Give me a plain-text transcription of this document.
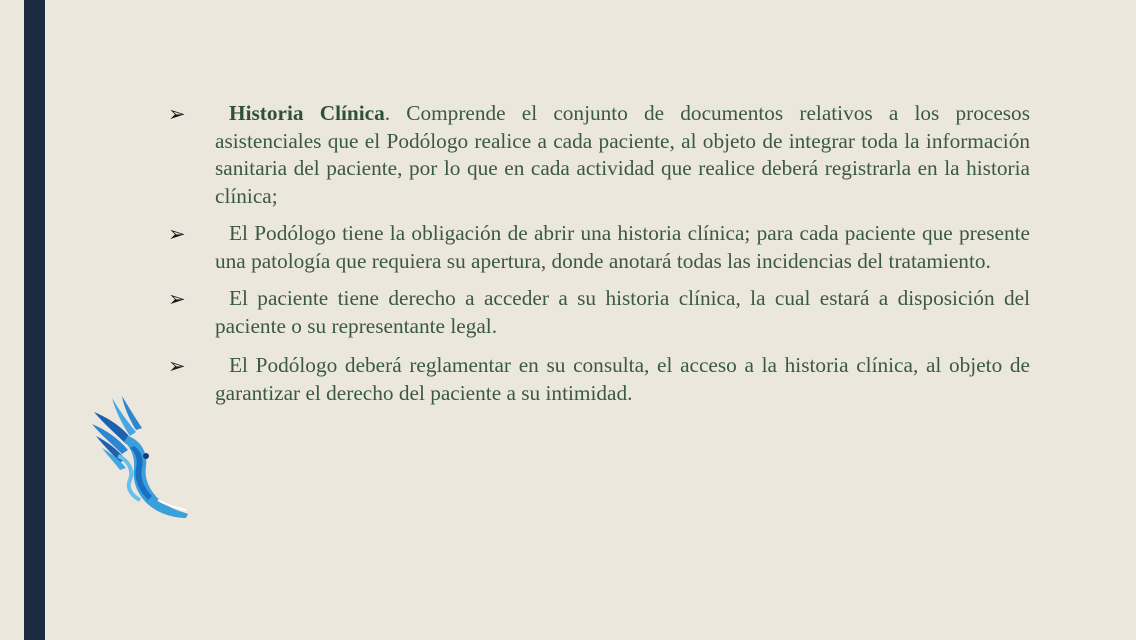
➢	Historia Clínica. Comprende el conjunto de documentos relativos a los procesos asistenciales que el Podólogo realice a cada paciente, al objeto de integrar toda la información sanitaria del paciente, por lo que en cada actividad que realice deberá registrarla en la historia clínica;
➢	El Podólogo tiene la obligación de abrir una historia clínica; para cada paciente que presente una patología que requiera su apertura, donde anotará todas las incidencias del tratamiento.
➢	El paciente tiene derecho a acceder a su historia clínica, la cual estará a disposición del paciente o su representante legal.
➢	El Podólogo deberá reglamentar en su consulta, el acceso a la historia clínica, al objeto de garantizar el derecho del paciente a su intimidad.
